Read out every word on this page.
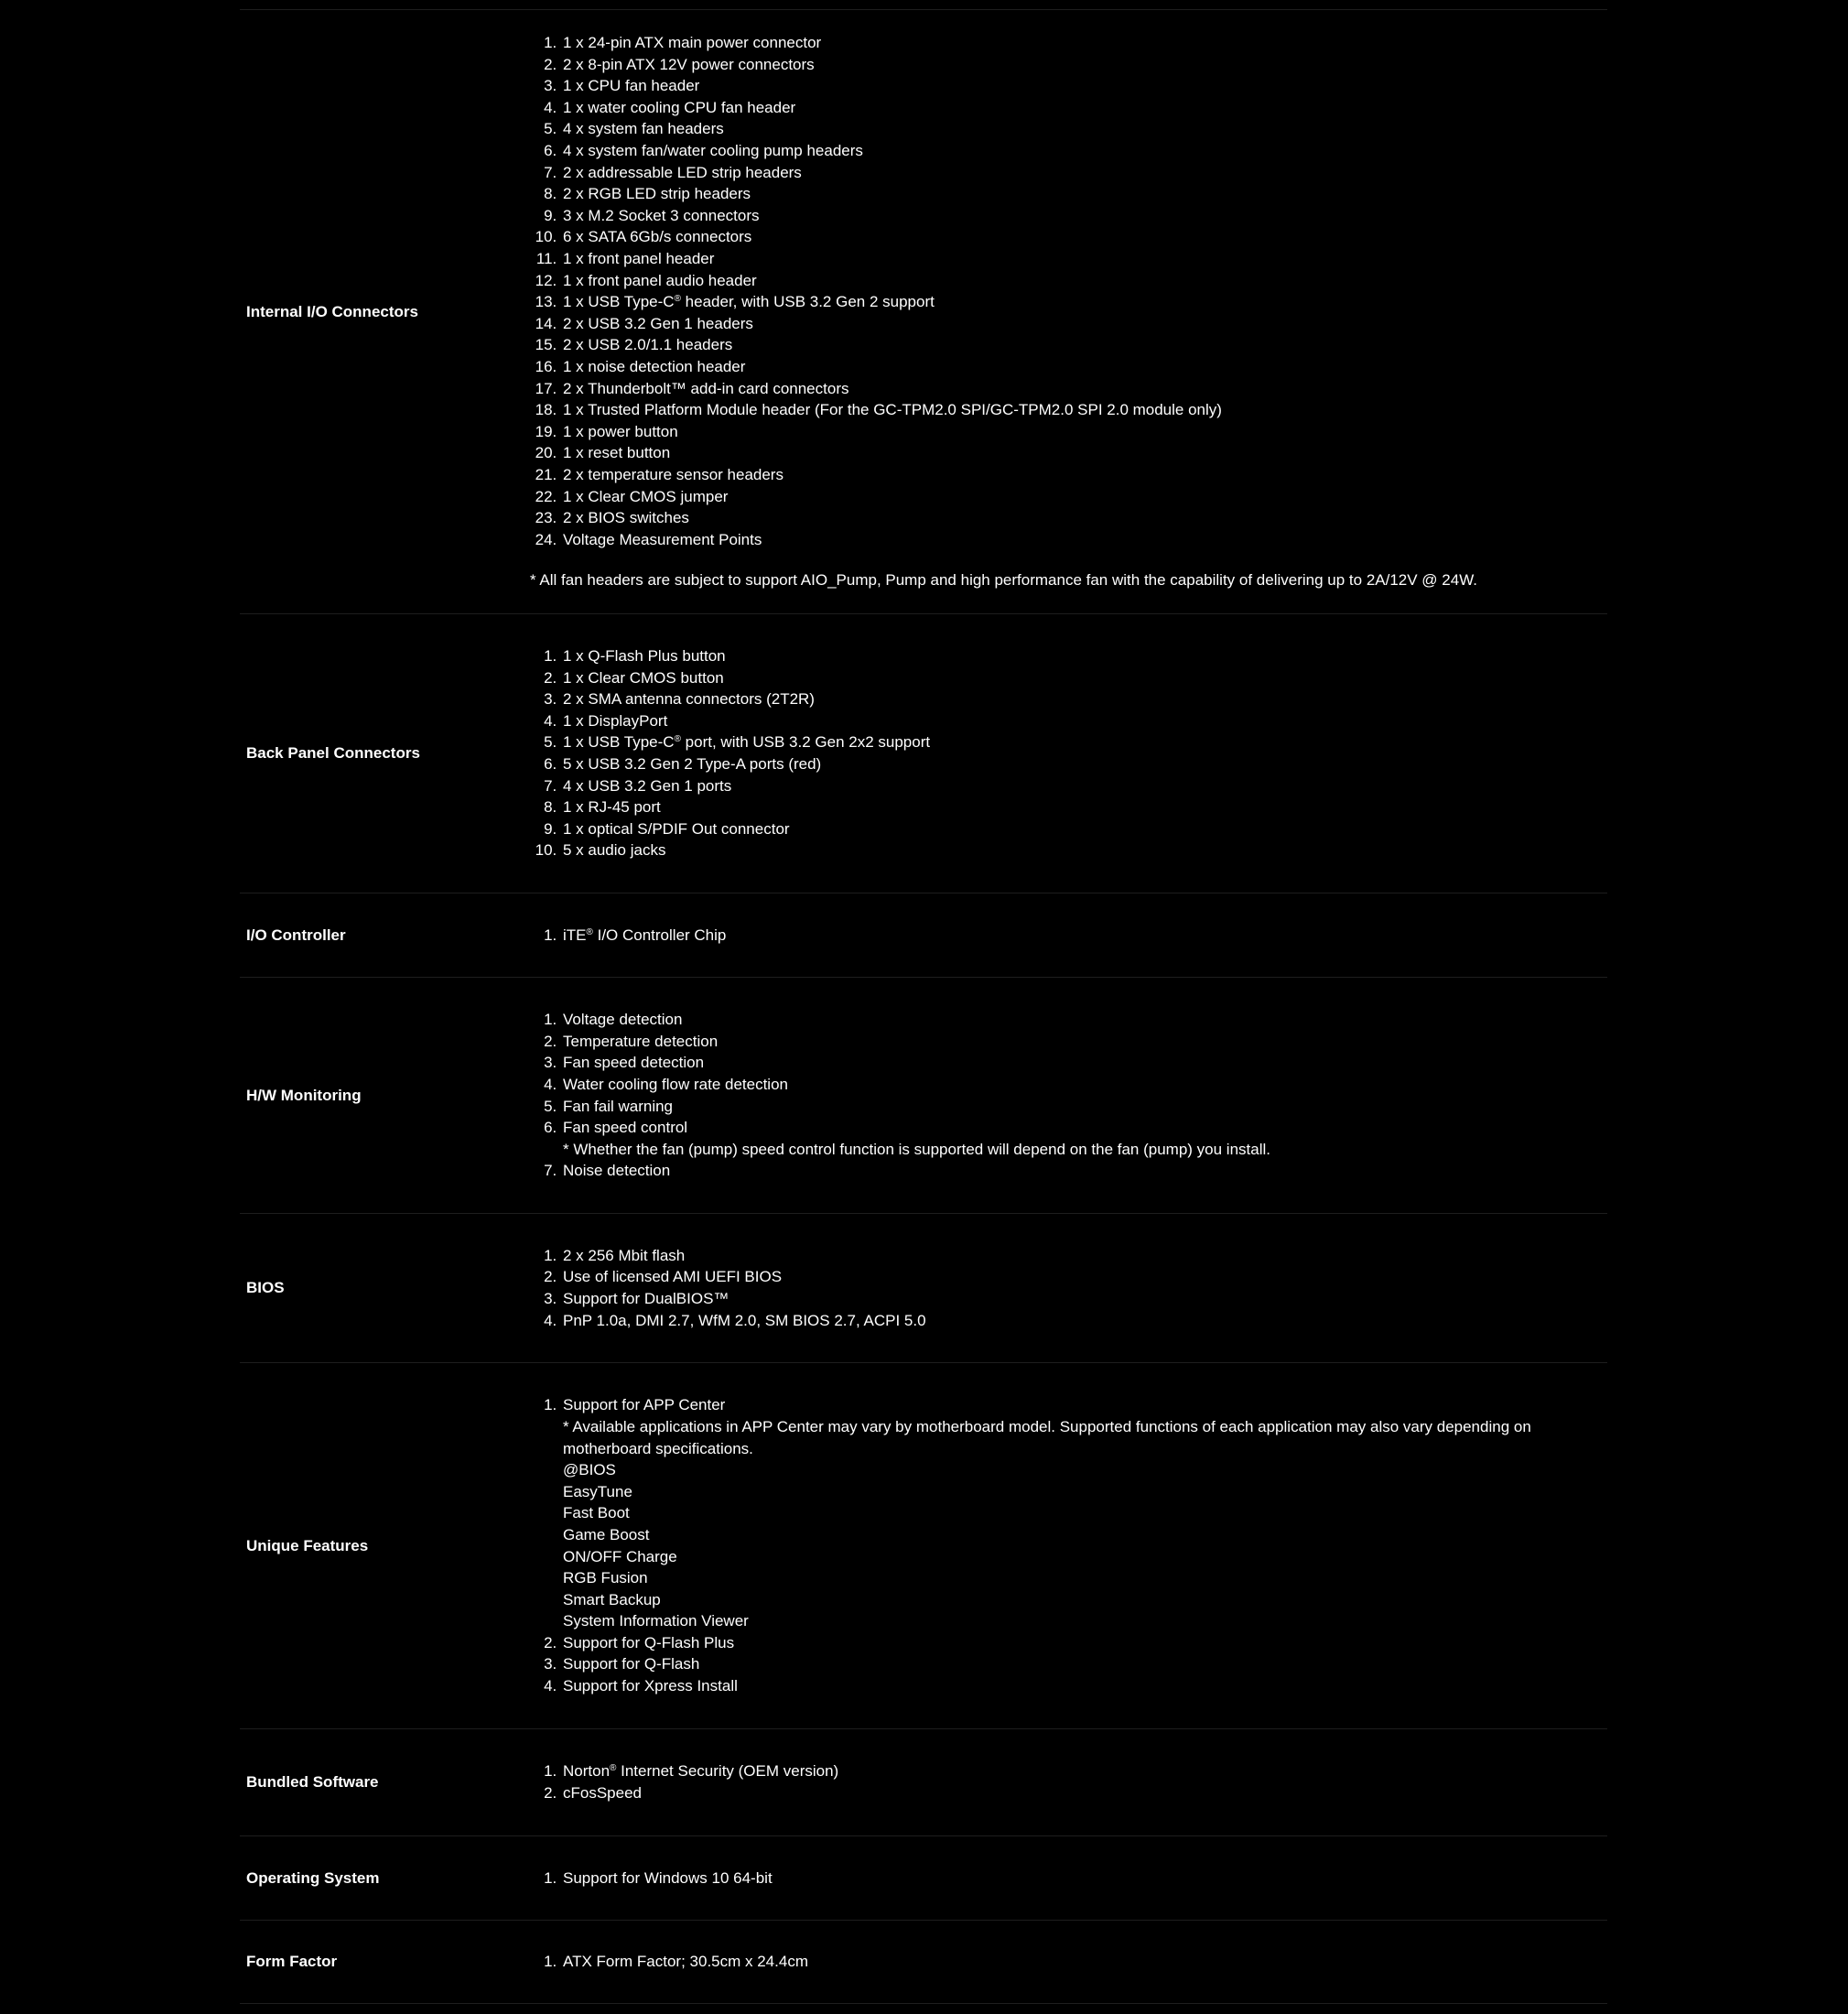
Internal I/O Connectors
1. 1 x 24-pin ATX main power connector
2. 2 x 8-pin ATX 12V power connectors
3. 1 x CPU fan header
4. 1 x water cooling CPU fan header
5. 4 x system fan headers
6. 4 x system fan/water cooling pump headers
7. 2 x addressable LED strip headers
8. 2 x RGB LED strip headers
9. 3 x M.2 Socket 3 connectors
10. 6 x SATA 6Gb/s connectors
11. 1 x front panel header
12. 1 x front panel audio header
13. 1 x USB Type-C® header, with USB 3.2 Gen 2 support
14. 2 x USB 3.2 Gen 1 headers
15. 2 x USB 2.0/1.1 headers
16. 1 x noise detection header
17. 2 x Thunderbolt™ add-in card connectors
18. 1 x Trusted Platform Module header (For the GC-TPM2.0 SPI/GC-TPM2.0 SPI 2.0 module only)
19. 1 x power button
20. 1 x reset button
21. 2 x temperature sensor headers
22. 1 x Clear CMOS jumper
23. 2 x BIOS switches
24. Voltage Measurement Points
* All fan headers are subject to support AIO_Pump, Pump and high performance fan with the capability of delivering up to 2A/12V @ 24W.
Back Panel Connectors
1. 1 x Q-Flash Plus button
2. 1 x Clear CMOS button
3. 2 x SMA antenna connectors (2T2R)
4. 1 x DisplayPort
5. 1 x USB Type-C® port, with USB 3.2 Gen 2x2 support
6. 5 x USB 3.2 Gen 2 Type-A ports (red)
7. 4 x USB 3.2 Gen 1 ports
8. 1 x RJ-45 port
9. 1 x optical S/PDIF Out connector
10. 5 x audio jacks
I/O Controller	1. iTE® I/O Controller Chip
H/W Monitoring
1. Voltage detection
2. Temperature detection
3. Fan speed detection
4. Water cooling flow rate detection
5. Fan fail warning
6. Fan speed control
* Whether the fan (pump) speed control function is supported will depend on the fan (pump) you install.
7. Noise detection
BIOS
1. 2 x 256 Mbit flash
2. Use of licensed AMI UEFI BIOS
3. Support for DualBIOS™
4. PnP 1.0a, DMI 2.7, WfM 2.0, SM BIOS 2.7, ACPI 5.0
Unique Features
1. Support for APP Center
* Available applications in APP Center may vary by motherboard model. Supported functions of each application may also vary depending on motherboard specifications.
@BIOS
EasyTune
Fast Boot
Game Boost
ON/OFF Charge
RGB Fusion
Smart Backup
System Information Viewer
2. Support for Q-Flash Plus
3. Support for Q-Flash
4. Support for Xpress Install
Bundled Software
1. Norton® Internet Security (OEM version)
2. cFosSpeed
Operating System	1. Support for Windows 10 64-bit
Form Factor	1. ATX Form Factor; 30.5cm x 24.4cm
